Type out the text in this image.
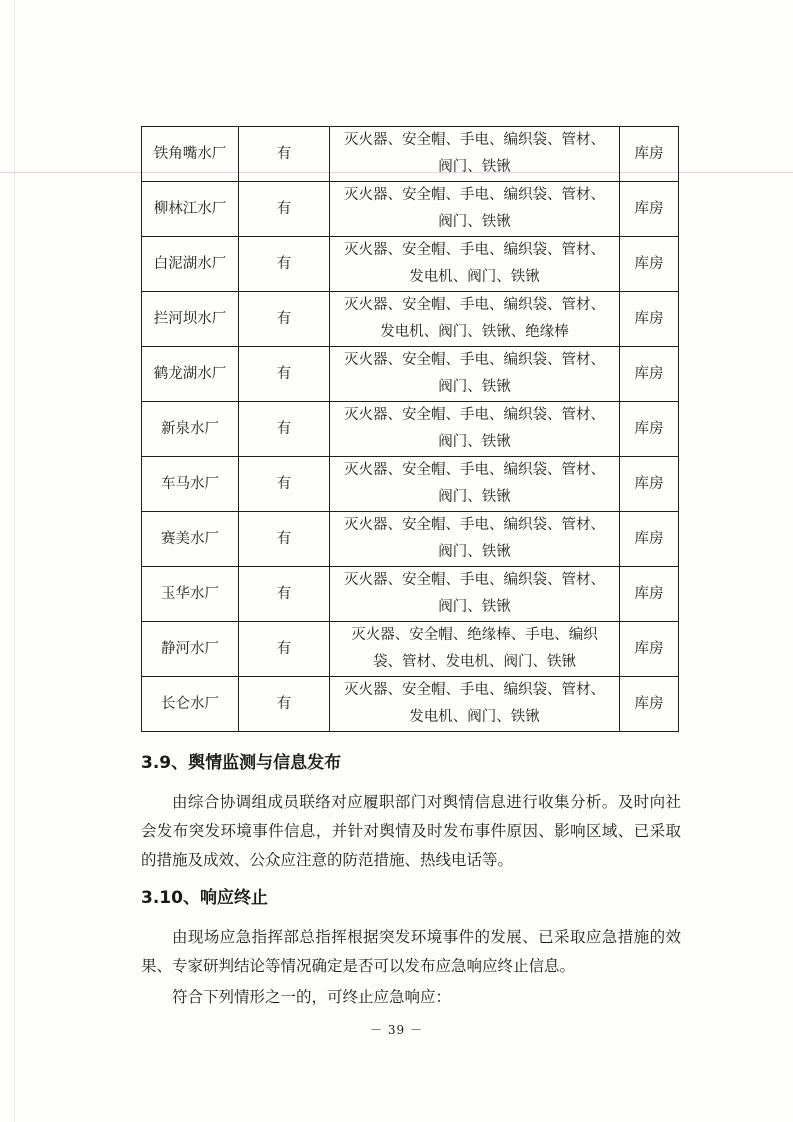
铁角嘴水厂	有	灭火器、安全帽、手电、编织袋、管材、阀门、铁锹	库房
柳林江水厂	有	灭火器、安全帽、手电、编织袋、管材、阀门、铁锹	库房
白泥湖水厂	有	灭火器、安全帽、手电、编织袋、管材、发电机、阀门、铁锹	库房
拦河坝水厂	有	灭火器、安全帽、手电、编织袋、管材、发电机、阀门、铁锹、绝缘棒	库房
鹤龙湖水厂	有	灭火器、安全帽、手电、编织袋、管材、阀门、铁锹	库房
新泉水厂	有	灭火器、安全帽、手电、编织袋、管材、阀门、铁锹	库房
车马水厂	有	灭火器、安全帽、手电、编织袋、管材、阀门、铁锹	库房
赛美水厂	有	灭火器、安全帽、手电、编织袋、管材、阀门、铁锹	库房
玉华水厂	有	灭火器、安全帽、手电、编织袋、管材、阀门、铁锹	库房
静河水厂	有	灭火器、安全帽、绝缘棒、手电、编织袋、管材、发电机、阀门、铁锹	库房
长仑水厂	有	灭火器、安全帽、手电、编织袋、管材、发电机、阀门、铁锹	库房
3.9、舆情监测与信息发布
由综合协调组成员联络对应履职部门对舆情信息进行收集分析。及时向社会发布突发环境事件信息，并针对舆情及时发布事件原因、影响区域、已采取的措施及成效、公众应注意的防范措施、热线电话等。
3.10、响应终止
由现场应急指挥部总指挥根据突发环境事件的发展、已采取应急措施的效果、专家研判结论等情况确定是否可以发布应急响应终止信息。
符合下列情形之一的，可终止应急响应：
－ 39 －
